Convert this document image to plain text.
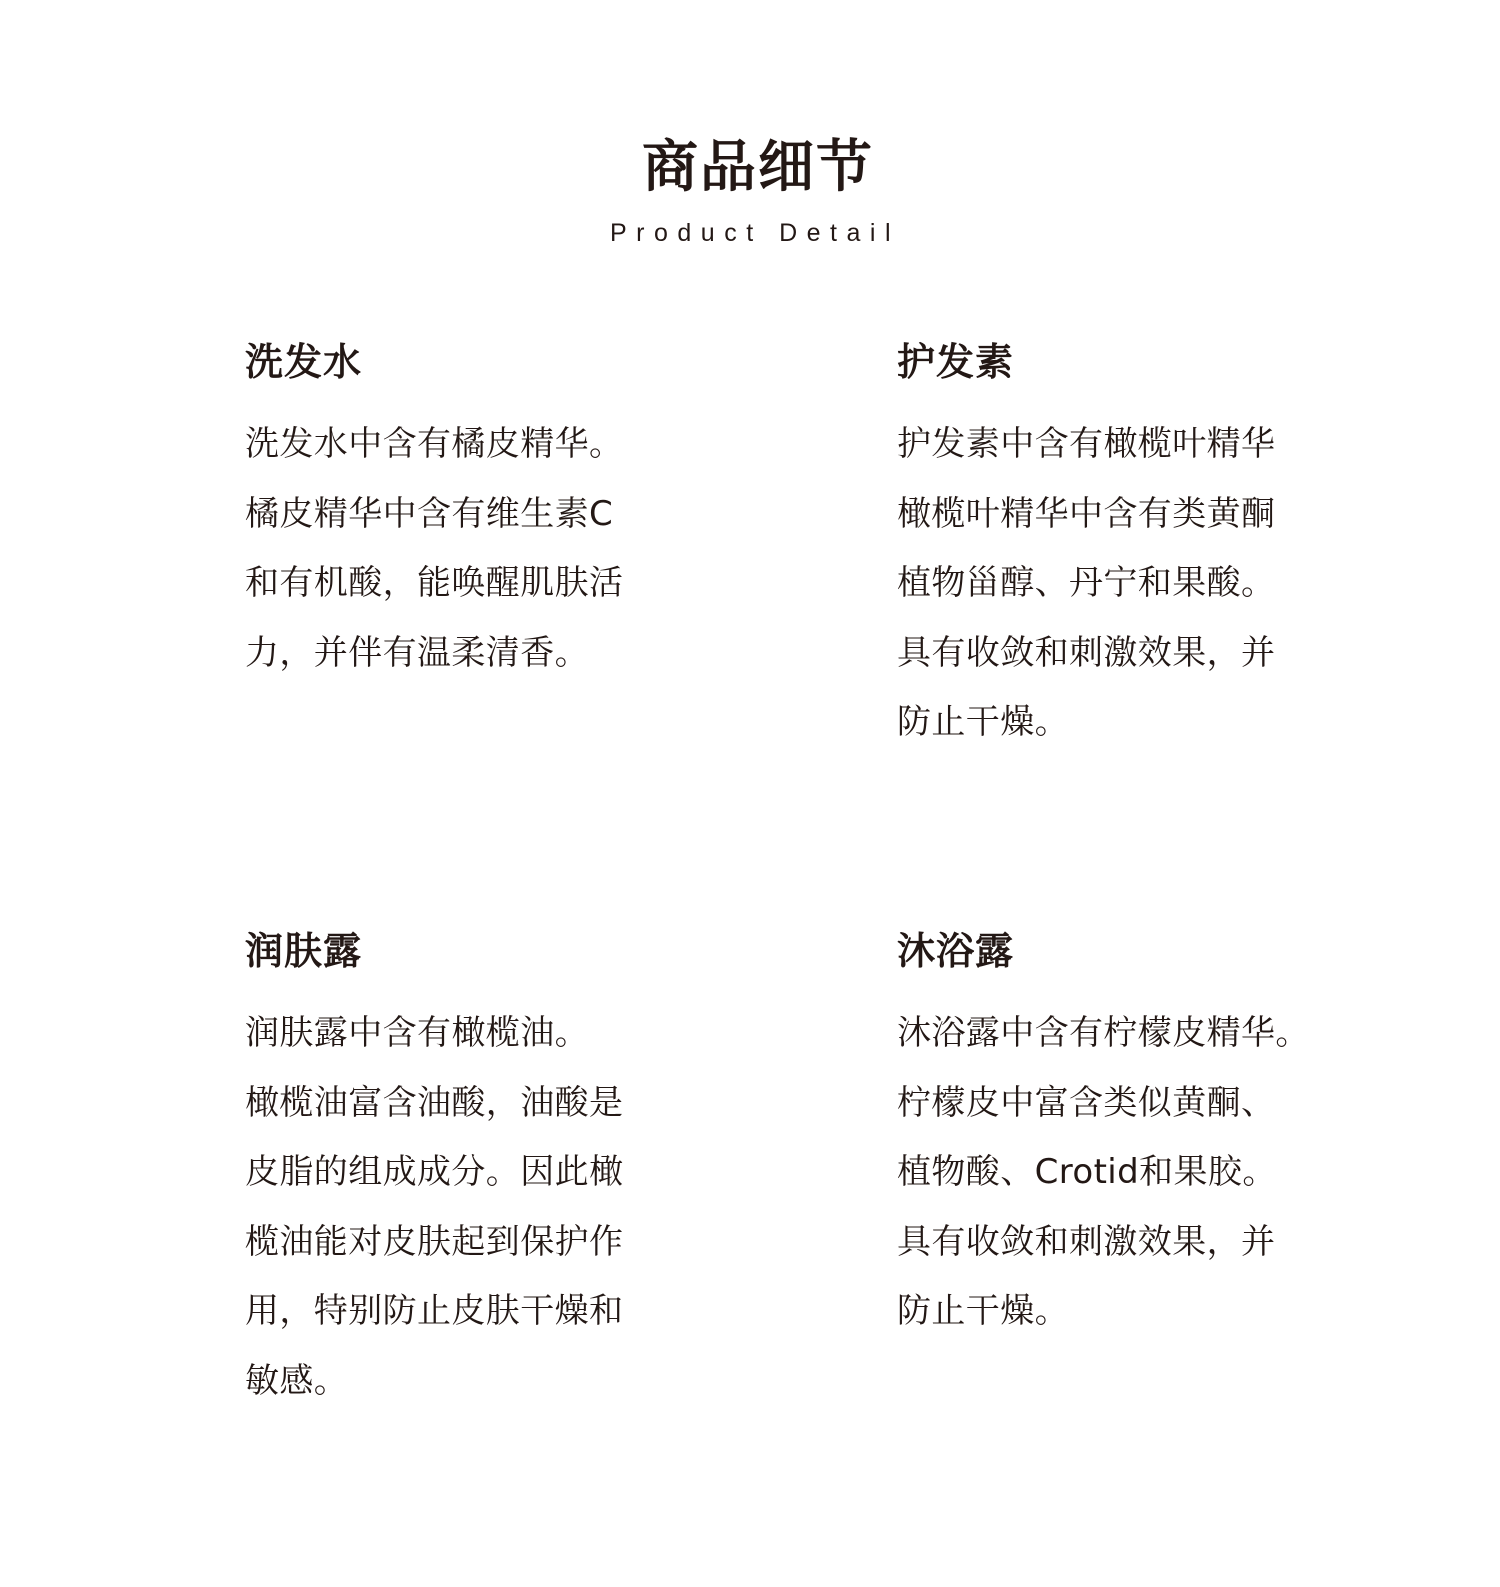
商品细节
Product Detail
洗发水
洗发水中含有橘皮精华。
橘皮精华中含有维生素C
和有机酸，能唤醒肌肤活
力，并伴有温柔清香。
护发素
护发素中含有橄榄叶精华
橄榄叶精华中含有类黄酮
植物甾醇、丹宁和果酸。
具有收敛和刺激效果，并
防止干燥。
润肤露
润肤露中含有橄榄油。
橄榄油富含油酸，油酸是
皮脂的组成成分。因此橄
榄油能对皮肤起到保护作
用，特别防止皮肤干燥和
敏感。
沐浴露
沐浴露中含有柠檬皮精华。
柠檬皮中富含类似黄酮、
植物酸、Crotid和果胶。
具有收敛和刺激效果，并
防止干燥。
